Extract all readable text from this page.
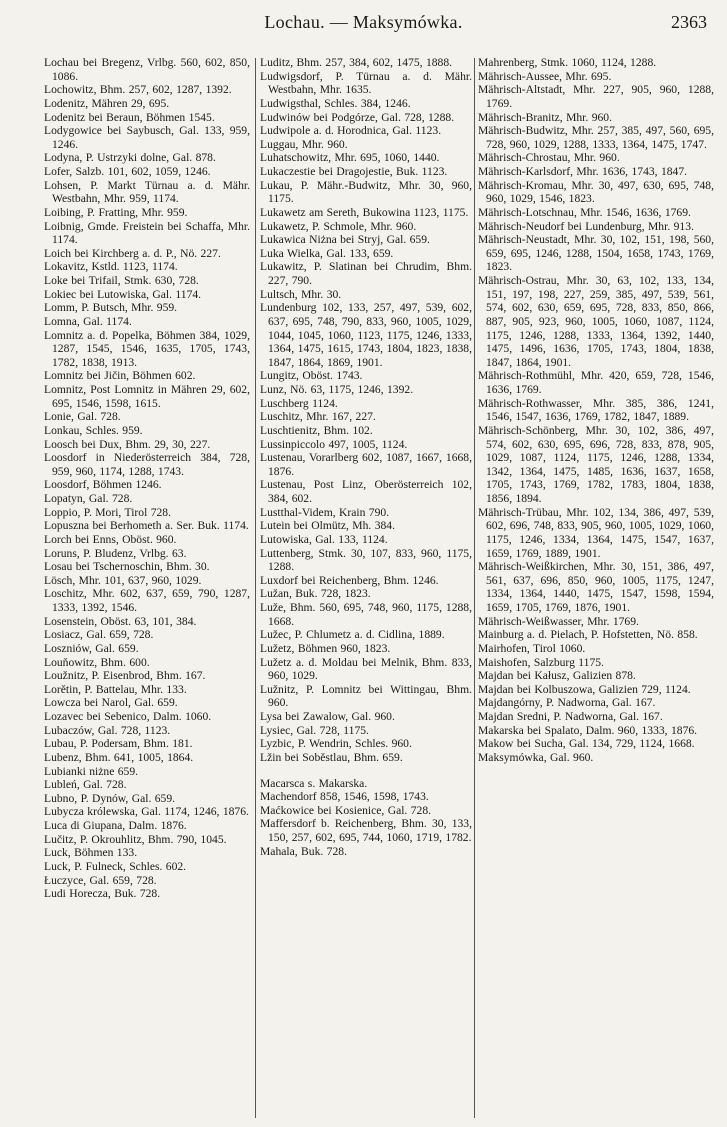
Lochau. — Maksymówka.	2363
Lochau bei Bregenz, Vrlbg. 560, 602, 850, 1086.
Lochowitz, Bhm. 257, 602, 1287, 1392.
Lodenitz, Mähren 29, 695.
Lodenitz bei Beraun, Böhmen 1545.
Lodygowice bei Saybusch, Gal. 133, 959, 1246.
Lodyna, P. Ustrzyki dolne, Gal. 878.
Lofer, Salzb. 101, 602, 1059, 1246.
Lohsen, P. Markt Türnau a. d. Mähr. Westbahn, Mhr. 959, 1174.
Loibing, P. Fratting, Mhr. 959.
Loibnig, Gmde. Freistein bei Schaffa, Mhr. 1174.
Loich bei Kirchberg a. d. P., Nö. 227.
Lokavitz, Kstld. 1123, 1174.
Loke bei Trifail, Stmk. 630, 728.
Lokiec bei Lutowiska, Gal. 1174.
Lomm, P. Butsch, Mhr. 959.
Lomna, Gal. 1174.
Lomnitz a. d. Popelka, Böhmen 384, 1029, 1287, 1545, 1546, 1635, 1705, 1743, 1782, 1838, 1913.
Lomnitz bei Jičin, Böhmen 602.
Lomnitz, Post Lomnitz in Mähren 29, 602, 695, 1546, 1598, 1615.
Lonie, Gal. 728.
Lonkau, Schles. 959.
Loosch bei Dux, Bhm. 29, 30, 227.
Loosdorf in Niederösterreich 384, 728, 959, 960, 1174, 1288, 1743.
Loosdorf, Böhmen 1246.
Lopatyn, Gal. 728.
Loppio, P. Mori, Tirol 728.
Lopuszna bei Berhometh a. Ser. Buk. 1174.
Lorch bei Enns, Oböst. 960.
Loruns, P. Bludenz, Vrlbg. 63.
Losau bei Tschernoschin, Bhm. 30.
Lösch, Mhr. 101, 637, 960, 1029.
Loschitz, Mhr. 602, 637, 659, 790, 1287, 1333, 1392, 1546.
Losenstein, Oböst. 63, 101, 384.
Losiacz, Gal. 659, 728.
Loszniów, Gal. 659.
Louňowitz, Bhm. 600.
Loužnitz, P. Eisenbrod, Bhm. 167.
Lorětin, P. Battelau, Mhr. 133.
Lowcza bei Narol, Gal. 659.
Lozavec bei Sebenico, Dalm. 1060.
Lubaczów, Gal. 728, 1123.
Lubau, P. Podersam, Bhm. 181.
Lubenz, Bhm. 641, 1005, 1864.
Lubianki niżne 659.
Lubleń, Gal. 728.
Lubno, P. Dynów, Gal. 659.
Lubycza królewska, Gal. 1174, 1246, 1876.
Luca di Giupana, Dalm. 1876.
Lučitz, P. Okrouhlitz, Bhm. 790, 1045.
Luck, Böhmen 133.
Luck, P. Fulneck, Schles. 602.
Łuczyce, Gal. 659, 728.
Ludi Horecza, Buk. 728.
Luditz, Bhm. 257, 384, 602, 1475, 1888.
Ludwigsdorf, P. Türnau a. d. Mähr. Westbahn, Mhr. 1635.
Ludwigsthal, Schles. 384, 1246.
Ludwinów bei Podgórze, Gal. 728, 1288.
Ludwipole a. d. Horodnica, Gal. 1123.
Luggau, Mhr. 960.
Luhatschowitz, Mhr. 695, 1060, 1440.
Lukaczestie bei Dragojestie, Buk. 1123.
Lukau, P. Mähr.-Budwitz, Mhr. 30, 960, 1175.
Lukawetz am Sereth, Bukowina 1123, 1175.
Lukawetz, P. Schmole, Mhr. 960.
Lukawica Niżna bei Stryj, Gal. 659.
Luka Wielka, Gal. 133, 659.
Lukawitz, P. Slatinan bei Chrudim, Bhm. 227, 790.
Lultsch, Mhr. 30.
Lundenburg 102, 133, 257, 497, 539, 602, 637, 695, 748, 790, 833, 960, 1005, 1029, 1044, 1045, 1060, 1123, 1175, 1246, 1333, 1364, 1475, 1615, 1743, 1804, 1823, 1838, 1847, 1864, 1869, 1901.
Lungitz, Oböst. 1743.
Lunz, Nö. 63, 1175, 1246, 1392.
Luschberg 1124.
Luschitz, Mhr. 167, 227.
Luschtienitz, Bhm. 102.
Lussinpiccolo 497, 1005, 1124.
Lustenau, Vorarlberg 602, 1087, 1667, 1668, 1876.
Lustenau, Post Linz, Oberösterreich 102, 384, 602.
Lustthal-Videm, Krain 790.
Lutein bei Olmütz, Mh. 384.
Lutowiska, Gal. 133, 1124.
Luttenberg, Stmk. 30, 107, 833, 960, 1175, 1288.
Luxdorf bei Reichenberg, Bhm. 1246.
Lužan, Buk. 728, 1823.
Luže, Bhm. 560, 695, 748, 960, 1175, 1288, 1668.
Lužec, P. Chlumetz a. d. Cidlina, 1889.
Lužetz, Böhmen 960, 1823.
Lužetz a. d. Moldau bei Melnik, Bhm. 833, 960, 1029.
Lužnitz, P. Lomnitz bei Wittingau, Bhm. 960.
Lysa bei Zawalow, Gal. 960.
Lysiec, Gal. 728, 1175.
Lyzbic, P. Wendrin, Schles. 960.
Lžin bei Soběstlau, Bhm. 659.
Macarsca s. Makarska.
Machendorf 858, 1546, 1598, 1743.
Maćkowice bei Kosienice, Gal. 728.
Maffersdorf b. Reichenberg, Bhm. 30, 133, 150, 257, 602, 695, 744, 1060, 1719, 1782.
Mahala, Buk. 728.
Mahrenberg, Stmk. 1060, 1124, 1288.
Mährisch-Aussee, Mhr. 695.
Mährisch-Altstadt, Mhr. 227, 905, 960, 1288, 1769.
Mährisch-Branitz, Mhr. 960.
Mährisch-Budwitz, Mhr. 257, 385, 497, 560, 695, 728, 960, 1029, 1288, 1333, 1364, 1475, 1747.
Mährisch-Chrostau, Mhr. 960.
Mährisch-Karlsdorf, Mhr. 1636, 1743, 1847.
Mährisch-Kromau, Mhr. 30, 497, 630, 695, 748, 960, 1029, 1546, 1823.
Mährisch-Lotschnau, Mhr. 1546, 1636, 1769.
Mährisch-Neudorf bei Lundenburg, Mhr. 913.
Mährisch-Neustadt, Mhr. 30, 102, 151, 198, 560, 659, 695, 1246, 1288, 1504, 1658, 1743, 1769, 1823.
Mährisch-Ostrau, Mhr. 30, 63, 102, 133, 134, 151, 197, 198, 227, 259, 385, 497, 539, 561, 574, 602, 630, 659, 695, 728, 833, 850, 866, 887, 905, 923, 960, 1005, 1060, 1087, 1124, 1175, 1246, 1288, 1333, 1364, 1392, 1440, 1475, 1496, 1636, 1705, 1743, 1804, 1838, 1847, 1864, 1901.
Mährisch-Rothmühl, Mhr. 420, 659, 728, 1546, 1636, 1769.
Mährisch-Rothwasser, Mhr. 385, 386, 1241, 1546, 1547, 1636, 1769, 1782, 1847, 1889.
Mährisch-Schönberg, Mhr. 30, 102, 386, 497, 574, 602, 630, 695, 696, 728, 833, 878, 905, 1029, 1087, 1124, 1175, 1246, 1288, 1334, 1342, 1364, 1475, 1485, 1636, 1637, 1658, 1705, 1743, 1769, 1782, 1783, 1804, 1838, 1856, 1894.
Mährisch-Trübau, Mhr. 102, 134, 386, 497, 539, 602, 696, 748, 833, 905, 960, 1005, 1029, 1060, 1175, 1246, 1334, 1364, 1475, 1547, 1637, 1659, 1769, 1889, 1901.
Mährisch-Weißkirchen, Mhr. 30, 151, 386, 497, 561, 637, 696, 850, 960, 1005, 1175, 1247, 1334, 1364, 1440, 1475, 1547, 1598, 1594, 1659, 1705, 1769, 1876, 1901.
Mährisch-Weißwasser, Mhr. 1769.
Mainburg a. d. Pielach, P. Hofstetten, Nö. 858.
Mairhofen, Tirol 1060.
Maishofen, Salzburg 1175.
Majdan bei Kałusz, Galizien 878.
Majdan bei Kolbuszowa, Galizien 729, 1124.
Majdangórny, P. Nadworna, Gal. 167.
Majdan Sredni, P. Nadworna, Gal. 167.
Makarska bei Spalato, Dalm. 960, 1333, 1876.
Makow bei Sucha, Gal. 134, 729, 1124, 1668.
Maksymówka, Gal. 960.
